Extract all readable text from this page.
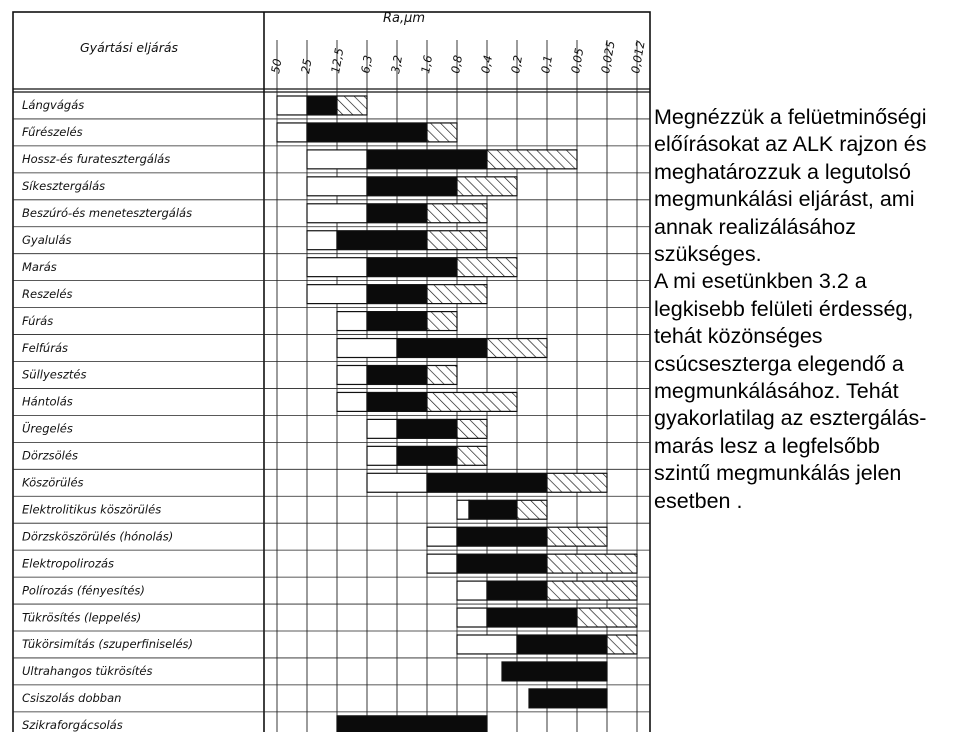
Gyártási eljárás
Ra,μm
50 25 12,5 6,3 3,2 1,6 0,8 0,4 0,2 0,1 0,05 0,025 0,012
Lángvágás
Fűrészelés
Hossz-és furatesztergálás
Síkesztergálás
Beszúró-és menetesztergálás
Gyalulás
Marás
Reszelés
Fúrás
Felfúrás
Süllyesztés
Hántolás
Üregelés
Dörzsölés
Köszörülés
Elektrolitikus köszörülés
Dörzsköszörülés (hónolás)
Elektropolirozás
Polírozás (fényesítés)
Tükrösítés (leppelés)
Tükörsimítás (szuperfiniselés)
Ultrahangos tükrösítés
Csiszolás dobban
Szikraforgácsolás
Megnézzük a felüetminőségi
előírásokat az ALK rajzon és
meghatározzuk a legutolsó
megmunkálási eljárást, ami
annak realizálásához
szükséges.
A mi esetünkben 3.2 a
legkisebb felületi érdesség,
tehát közönséges
csúcseszterga elegendő a
megmunkálásához. Tehát
gyakorlatilag az esztergálás-
marás lesz a legfelsőbb
szintű megmunkálás jelen
esetben .
